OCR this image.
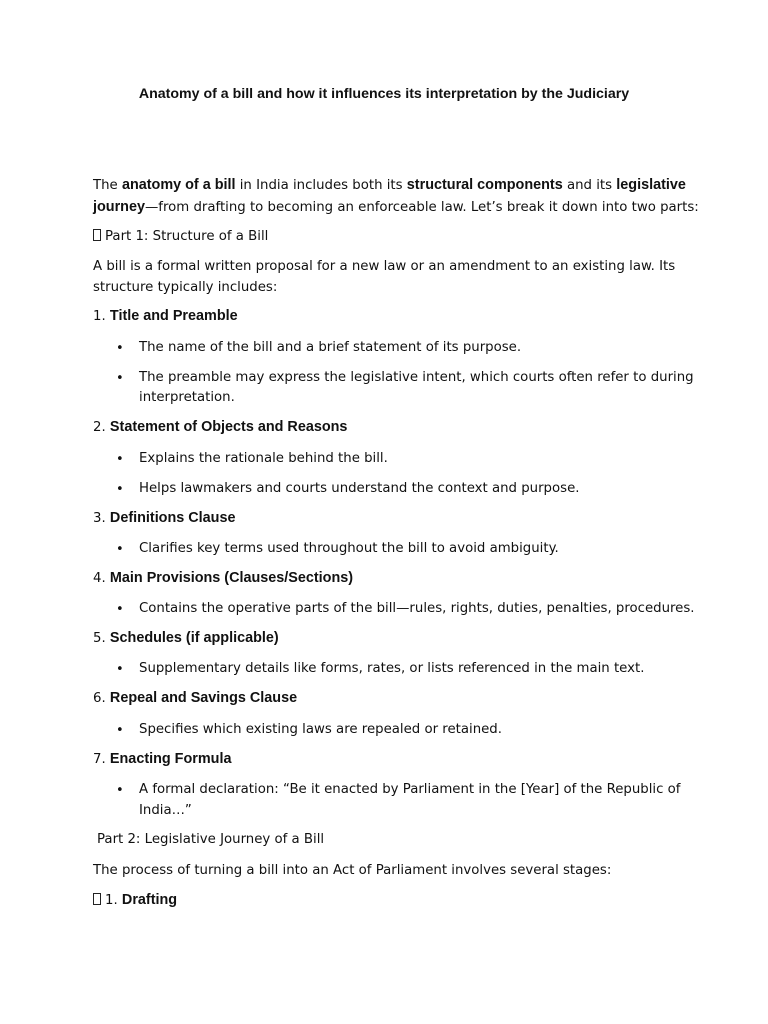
Anatomy of a bill and how it influences its interpretation by the Judiciary
The anatomy of a bill in India includes both its structural components and its legislative
journey—from drafting to becoming an enforceable law. Let’s break it down into two parts:
Part 1: Structure of a Bill
A bill is a formal written proposal for a new law or an amendment to an existing law. Its
structure typically includes:
1. Title and Preamble
• The name of the bill and a brief statement of its purpose.
• The preamble may express the legislative intent, which courts often refer to during
interpretation.
2. Statement of Objects and Reasons
• Explains the rationale behind the bill.
• Helps lawmakers and courts understand the context and purpose.
3. Definitions Clause
• Clarifies key terms used throughout the bill to avoid ambiguity.
4. Main Provisions (Clauses/Sections)
• Contains the operative parts of the bill—rules, rights, duties, penalties, procedures.
5. Schedules (if applicable)
• Supplementary details like forms, rates, or lists referenced in the main text.
6. Repeal and Savings Clause
• Specifies which existing laws are repealed or retained.
7. Enacting Formula
• A formal declaration: “Be it enacted by Parliament in the [Year] of the Republic of
India…”
Part 2: Legislative Journey of a Bill
The process of turning a bill into an Act of Parliament involves several stages:
1. Drafting
